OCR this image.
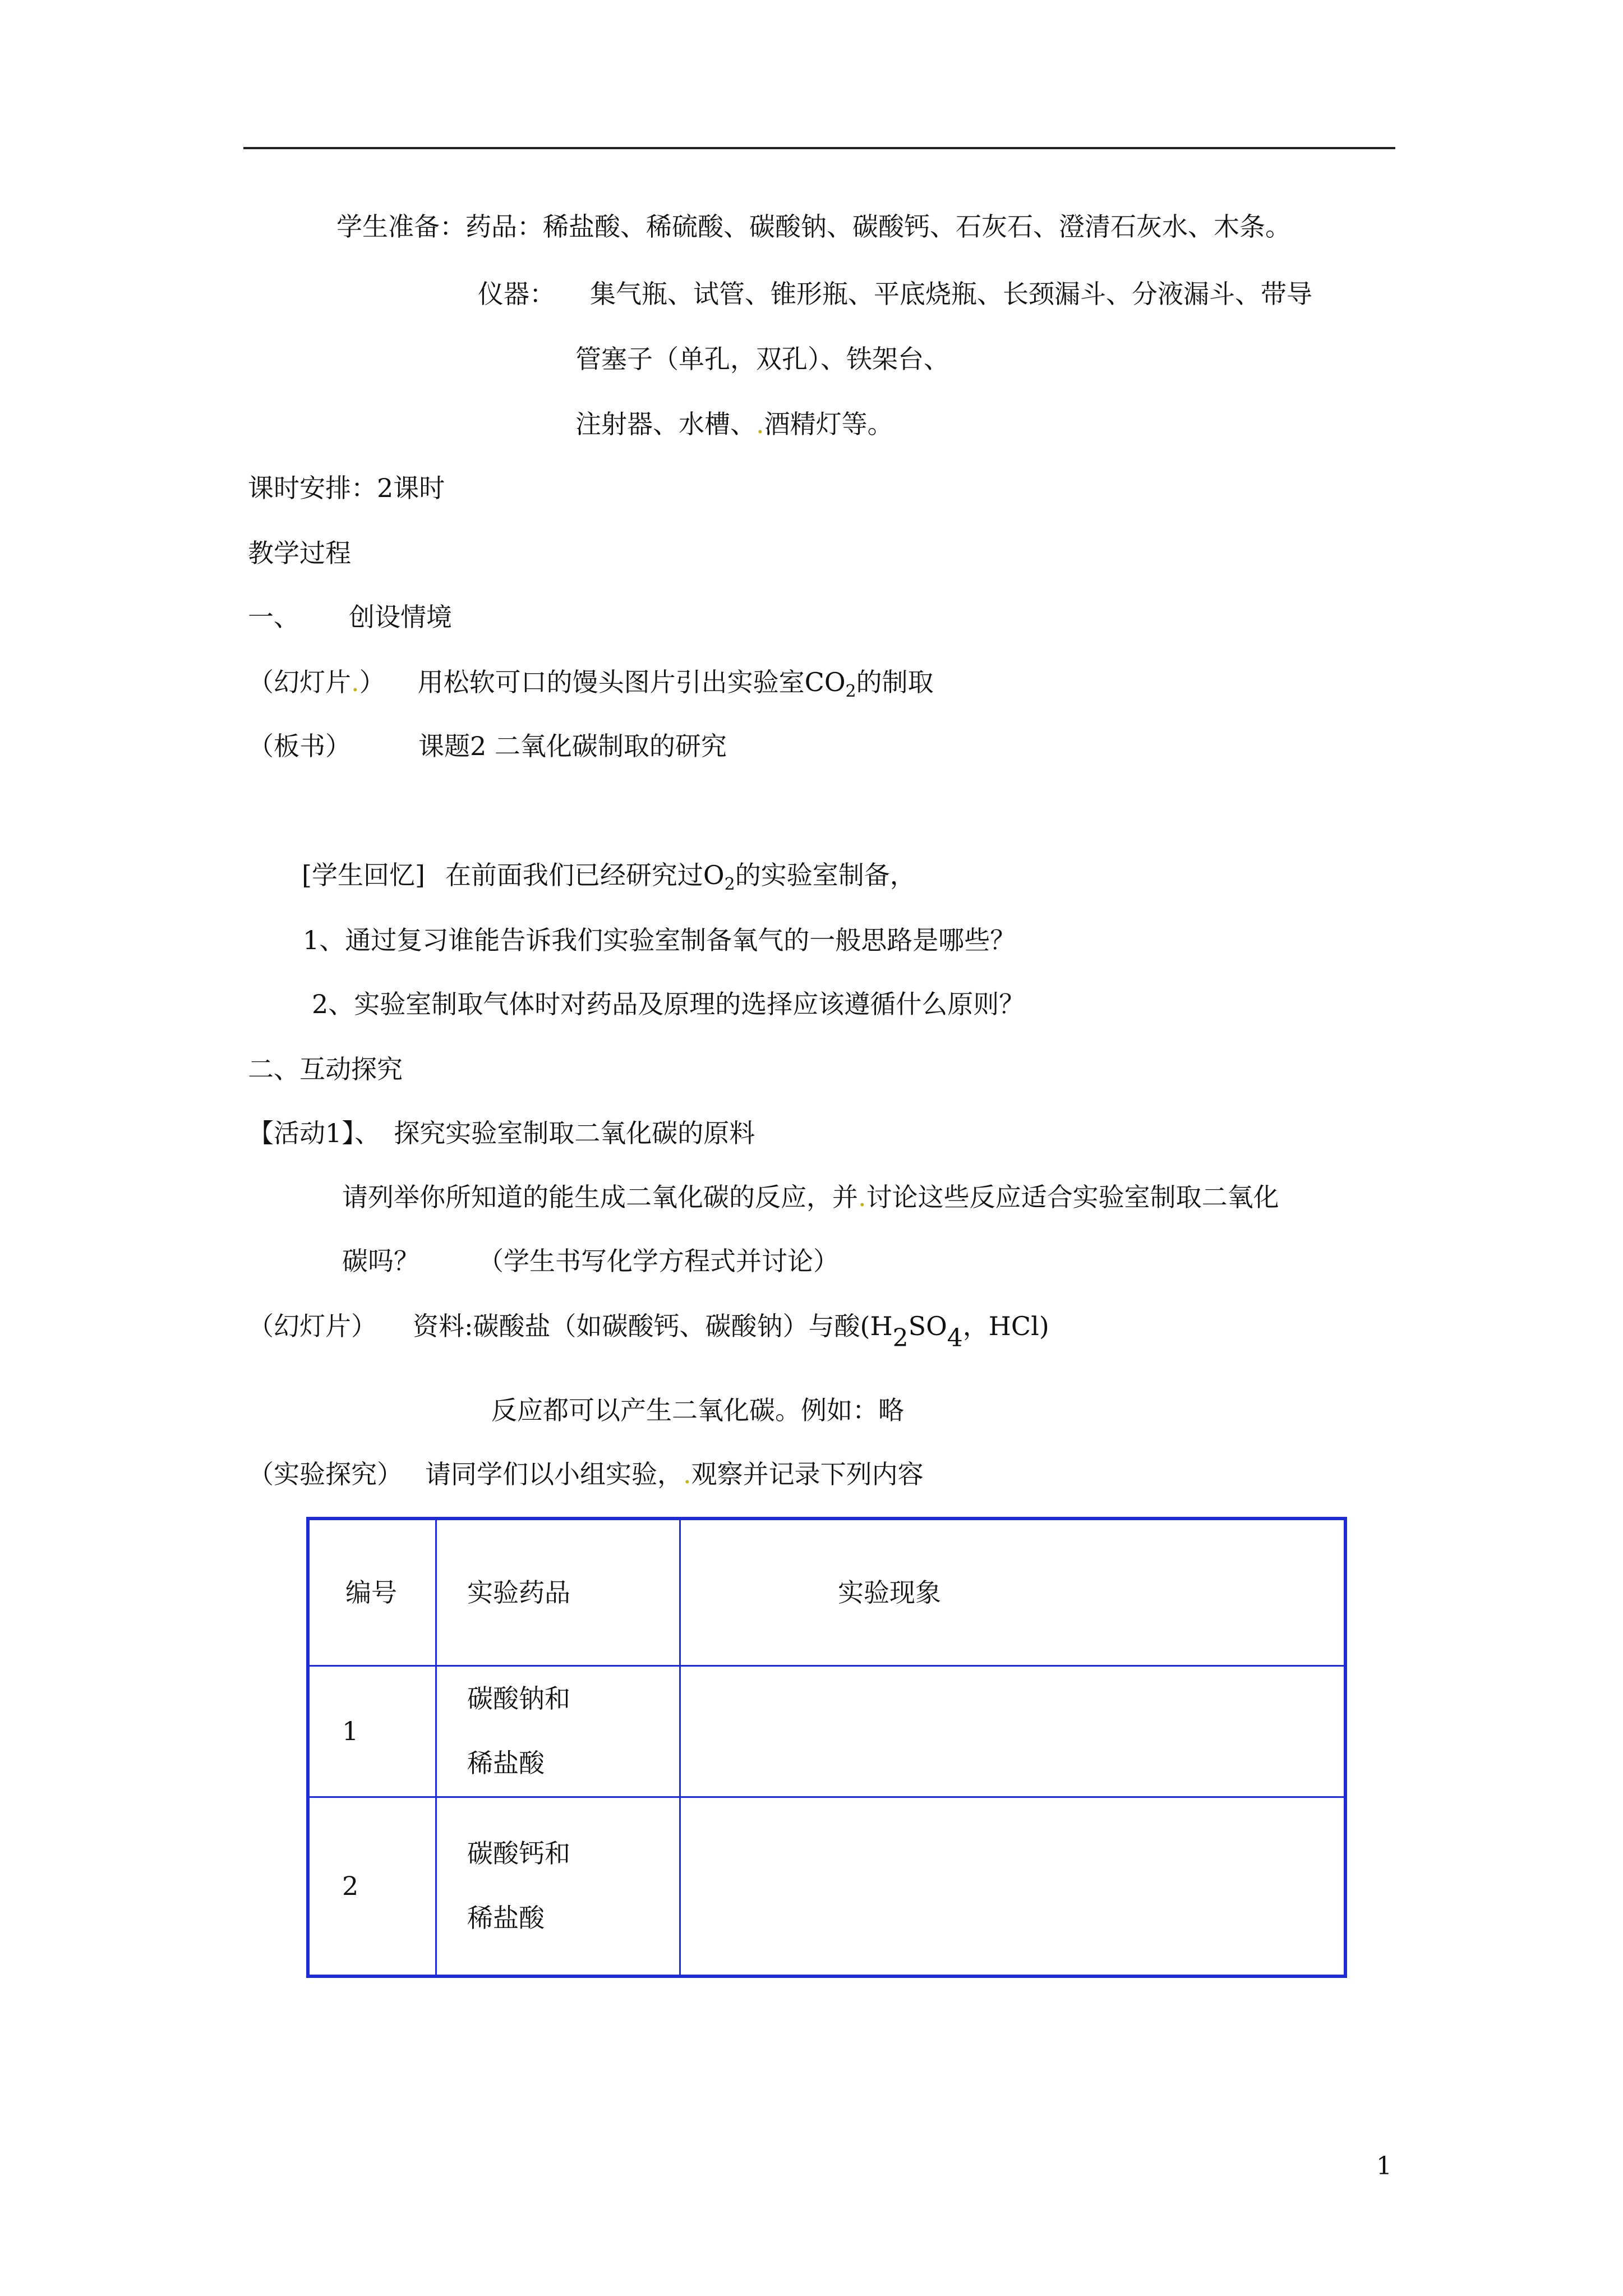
学生准备：药品：稀盐酸、稀硫酸、碳酸钠、碳酸钙、石灰石、澄清石灰水、木条。
仪器： 集气瓶、试管、锥形瓶、平底烧瓶、长颈漏斗、分液漏斗、带导
管塞子（单孔，双孔）、铁架台、
注射器、水槽、.酒精灯等。
课时安排：2课时
教学过程
一、 创设情境
（幻灯片.） 用松软可口的馒头图片引出实验室$CO_2$的制取
（板书）	课题2 二氧化碳制取的研究
[学生回忆] 在前面我们已经研究过$O_2$的实验室制备，
1、通过复习谁能告诉我们实验室制备氧气的一般思路是哪些？
2、实验室制取气体时对药品及原理的选择应该遵循什么原则？
二、互动探究
【活动1】、 探究实验室制取二氧化碳的原料
请列举你所知道的能生成二氧化碳的反应，并.讨论这些反应适合实验室制取二氧化
碳吗？ （学生书写化学方程式并讨论）
（幻灯片） 资料:碳酸盐（如碳酸钙、碳酸钠）与酸($H_2SO_4$，HCl)
反应都可以产生二氧化碳。例如：略
（实验探究） 请同学们以小组实验，.观察并记录下列内容
编号	实验药品	实验现象

1	碳酸钠和
稀盐酸	

2	碳酸钙和
稀盐酸	

1
